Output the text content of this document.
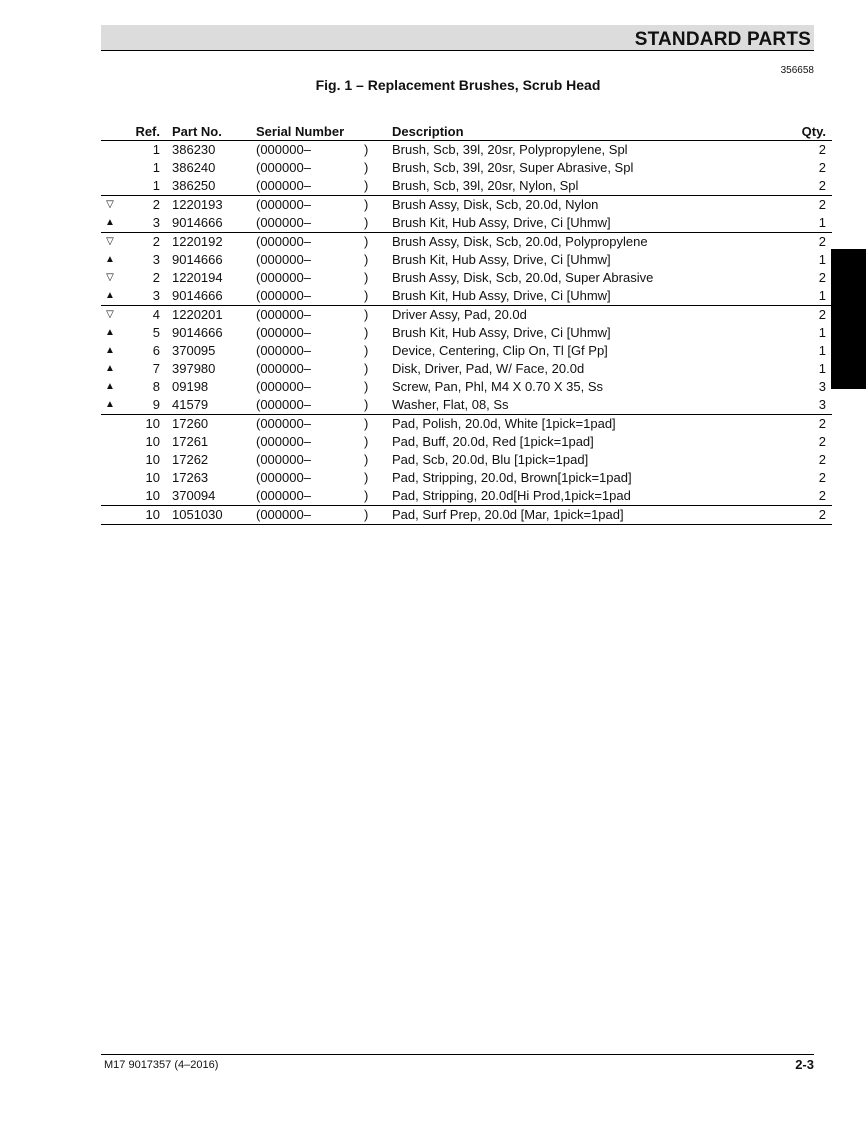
STANDARD PARTS
356658
Fig. 1 – Replacement Brushes, Scrub Head
	Ref.	Part No.	Serial Number		Description	Qty.
	1	386230	(000000–	)	Brush, Scb, 39l, 20sr, Polypropylene, Spl	2
	1	386240	(000000–	)	Brush, Scb, 39l, 20sr, Super Abrasive, Spl	2
	1	386250	(000000–	)	Brush, Scb, 39l, 20sr, Nylon, Spl	2
▽	2	1220193	(000000–	)	Brush Assy, Disk, Scb, 20.0d, Nylon	2
▲	3	9014666	(000000–	)	Brush Kit, Hub Assy, Drive, Ci [Uhmw]	1
▽	2	1220192	(000000–	)	Brush Assy, Disk, Scb, 20.0d, Polypropylene	2
▲	3	9014666	(000000–	)	Brush Kit, Hub Assy, Drive, Ci [Uhmw]	1
▽	2	1220194	(000000–	)	Brush Assy, Disk, Scb, 20.0d, Super Abrasive	2
▲	3	9014666	(000000–	)	Brush Kit, Hub Assy, Drive, Ci [Uhmw]	1
▽	4	1220201	(000000–	)	Driver Assy, Pad, 20.0d	2
▲	5	9014666	(000000–	)	Brush Kit, Hub Assy, Drive, Ci [Uhmw]	1
▲	6	370095	(000000–	)	Device, Centering, Clip On, Tl [Gf Pp]	1
▲	7	397980	(000000–	)	Disk, Driver, Pad, W/ Face, 20.0d	1
▲	8	09198	(000000–	)	Screw, Pan, Phl, M4 X 0.70 X 35, Ss	3
▲	9	41579	(000000–	)	Washer, Flat, 08, Ss	3
	10	17260	(000000–	)	Pad, Polish, 20.0d, White [1pick=1pad]	2
	10	17261	(000000–	)	Pad, Buff, 20.0d, Red [1pick=1pad]	2
	10	17262	(000000–	)	Pad, Scb, 20.0d, Blu [1pick=1pad]	2
	10	17263	(000000–	)	Pad, Stripping, 20.0d, Brown[1pick=1pad]	2
	10	370094	(000000–	)	Pad, Stripping, 20.0d[Hi Prod,1pick=1pad	2
	10	1051030	(000000–	)	Pad, Surf Prep, 20.0d [Mar, 1pick=1pad]	2
M17 9017357 (4–2016)	2-3
